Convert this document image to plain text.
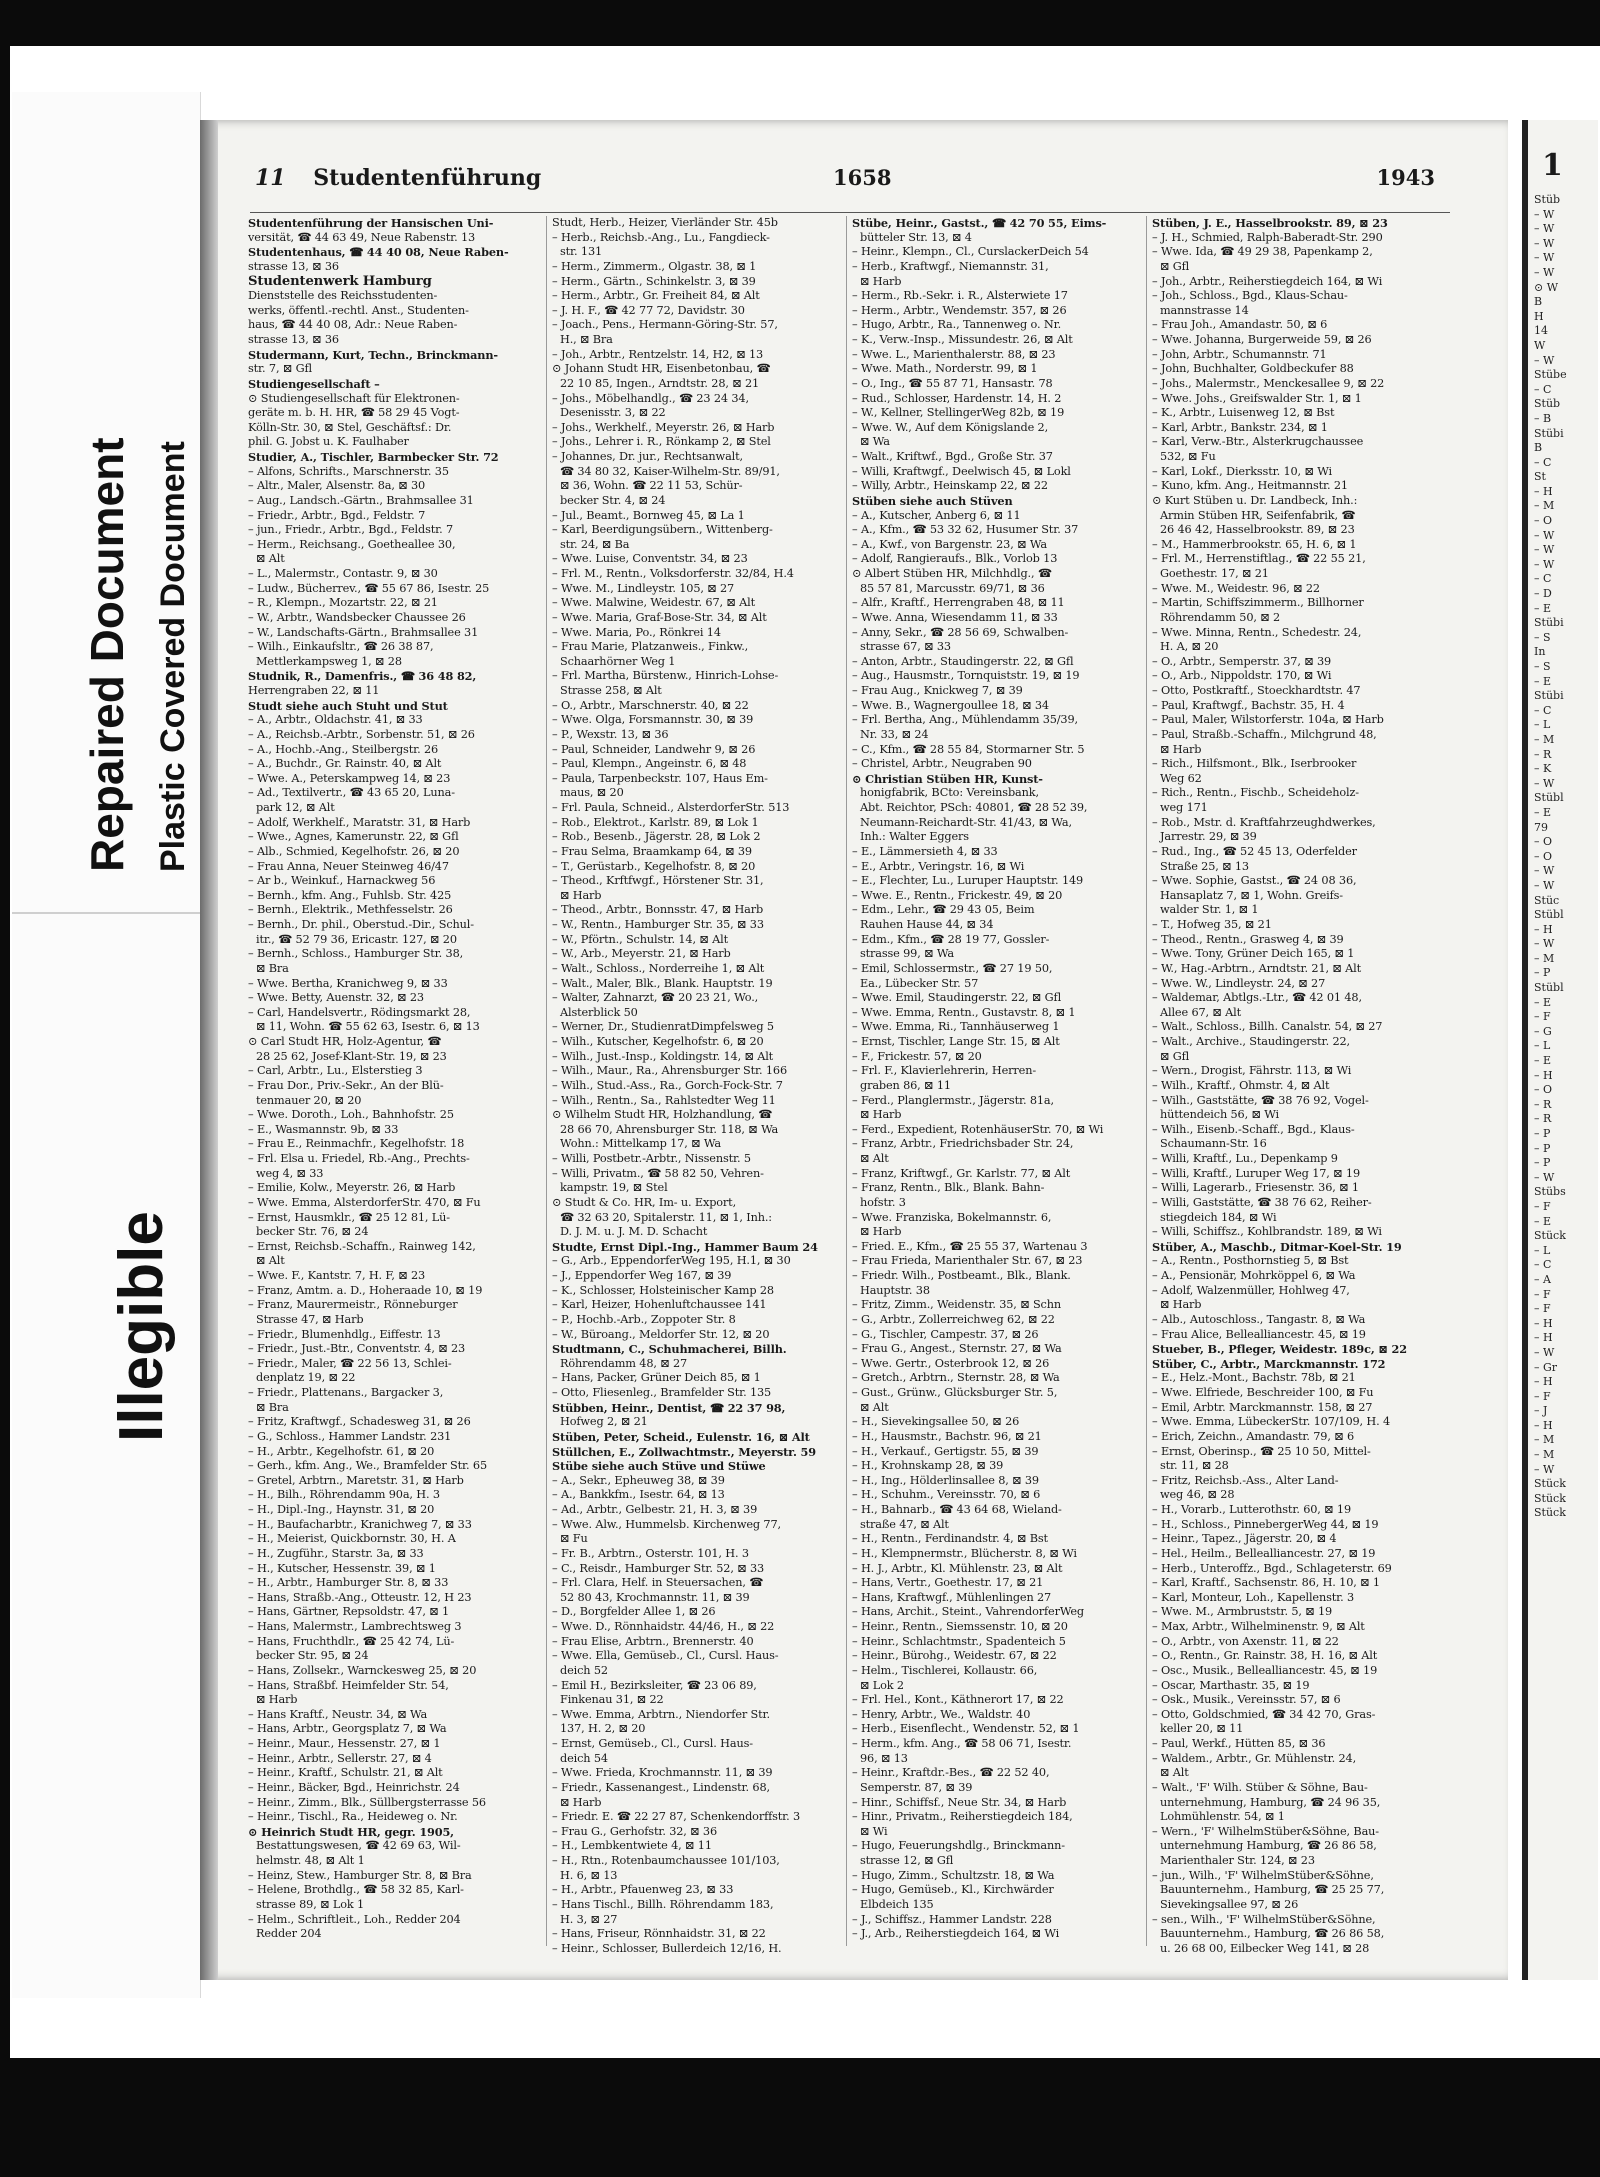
Repaired Document Plastic Covered Document
Illegible
11 Studentenführung	1658	1943
Studentenführung der Hansischen Uni-
versität, ☎ 44 63 49, Neue Rabenstr. 13
Studentenhaus, ☎ 44 40 08, Neue Raben-
strasse 13, ⊠ 36
Studentenwerk Hamburg
Dienststelle des Reichsstudenten-
werks, öffentl.-rechtl. Anst., Studenten-
haus, ☎ 44 40 08, Adr.: Neue Raben-
strasse 13, ⊠ 36
Studermann, Kurt, Techn., Brinckmann-
str. 7, ⊠ Gfl
Studiengesellschaft –
⊙ Studiengesellschaft für Elektronen-
geräte m. b. H. HR, ☎ 58 29 45 Vogt-
Kölln-Str. 30, ⊠ Stel, Geschäftsf.: Dr.
phil. G. Jobst u. K. Faulhaber
Studier, A., Tischler, Barmbecker Str. 72
– Alfons, Schrifts., Marschnerstr. 35
– Altr., Maler, Alsenstr. 8a, ⊠ 30
– Aug., Landsch.-Gärtn., Brahmsallee 31
– Friedr., Arbtr., Bgd., Feldstr. 7
– jun., Friedr., Arbtr., Bgd., Feldstr. 7
– Herm., Reichsang., Goetheallee 30,
⊠ Alt
– L., Malermstr., Contastr. 9, ⊠ 30
– Ludw., Bücherrev., ☎ 55 67 86, Isestr. 25
– R., Klempn., Mozartstr. 22, ⊠ 21
– W., Arbtr., Wandsbecker Chaussee 26
– W., Landschafts-Gärtn., Brahmsallee 31
– Wilh., Einkaufsltr., ☎ 26 38 87,
Mettlerkampsweg 1, ⊠ 28
Studnik, R., Damenfris., ☎ 36 48 82,
Herrengraben 22, ⊠ 11
Studt siehe auch Stuht und Stut
– A., Arbtr., Oldachstr. 41, ⊠ 33
– A., Reichsb.-Arbtr., Sorbenstr. 51, ⊠ 26
– A., Hochb.-Ang., Steilbergstr. 26
– A., Buchdr., Gr. Rainstr. 40, ⊠ Alt
– Wwe. A., Peterskampweg 14, ⊠ 23
– Ad., Textilvertr., ☎ 43 65 20, Luna-
park 12, ⊠ Alt
– Adolf, Werkhelf., Maratstr. 31, ⊠ Harb
– Wwe., Agnes, Kamerunstr. 22, ⊠ Gfl
– Alb., Schmied, Kegelhofstr. 26, ⊠ 20
– Frau Anna, Neuer Steinweg 46/47
– Ar b., Weinkuf., Harnackweg 56
– Bernh., kfm. Ang., Fuhlsb. Str. 425
– Bernh., Elektrik., Methfesselstr. 26
– Bernh., Dr. phil., Oberstud.-Dir., Schul-
itr., ☎ 52 79 36, Ericastr. 127, ⊠ 20
– Bernh., Schloss., Hamburger Str. 38,
⊠ Bra
– Wwe. Bertha, Kranichweg 9, ⊠ 33
– Wwe. Betty, Auenstr. 32, ⊠ 23
– Carl, Handelsvertr., Rödingsmarkt 28,
⊠ 11, Wohn. ☎ 55 62 63, Isestr. 6, ⊠ 13
⊙ Carl Studt HR, Holz-Agentur, ☎
28 25 62, Josef-Klant-Str. 19, ⊠ 23
– Carl, Arbtr., Lu., Elsterstieg 3
– Frau Dor., Priv.-Sekr., An der Blü-
tenmauer 20, ⊠ 20
– Wwe. Doroth., Loh., Bahnhofstr. 25
– E., Wasmannstr. 9b, ⊠ 33
– Frau E., Reinmachfr., Kegelhofstr. 18
– Frl. Elsa u. Friedel, Rb.-Ang., Prechts-
weg 4, ⊠ 33
– Emilie, Kolw., Meyerstr. 26, ⊠ Harb
– Wwe. Emma, AlsterdorferStr. 470, ⊠ Fu
– Ernst, Hausmklr., ☎ 25 12 81, Lü-
becker Str. 76, ⊠ 24
– Ernst, Reichsb.-Schaffn., Rainweg 142,
⊠ Alt
– Wwe. F., Kantstr. 7, H. F, ⊠ 23
– Franz, Amtm. a. D., Hoheraade 10, ⊠ 19
– Franz, Maurermeistr., Rönneburger
Strasse 47, ⊠ Harb
– Friedr., Blumenhdlg., Eiffestr. 13
– Friedr., Just.-Btr., Conventstr. 4, ⊠ 23
– Friedr., Maler, ☎ 22 56 13, Schlei-
denplatz 19, ⊠ 22
– Friedr., Plattenans., Bargacker 3,
⊠ Bra
– Fritz, Kraftwgf., Schadesweg 31, ⊠ 26
– G., Schloss., Hammer Landstr. 231
– H., Arbtr., Kegelhofstr. 61, ⊠ 20
– Gerh., kfm. Ang., We., Bramfelder Str. 65
– Gretel, Arbtrn., Maretstr. 31, ⊠ Harb
– H., Bilh., Röhrendamm 90a, H. 3
– H., Dipl.-Ing., Haynstr. 31, ⊠ 20
– H., Baufacharbtr., Kranichweg 7, ⊠ 33
– H., Meierist, Quickbornstr. 30, H. A
– H., Zugführ., Starstr. 3a, ⊠ 33
– H., Kutscher, Hessenstr. 39, ⊠ 1
– H., Arbtr., Hamburger Str. 8, ⊠ 33
– Hans, Straßb.-Ang., Otteustr. 12, H 23
– Hans, Gärtner, Repsoldstr. 47, ⊠ 1
– Hans, Malermstr., Lambrechtsweg 3
– Hans, Fruchthdlr., ☎ 25 42 74, Lü-
becker Str. 95, ⊠ 24
– Hans, Zollsekr., Warnckesweg 25, ⊠ 20
– Hans, Straßbf. Heimfelder Str. 54,
⊠ Harb
– Hans Kraftf., Neustr. 34, ⊠ Wa
– Hans, Arbtr., Georgsplatz 7, ⊠ Wa
– Heinr., Maur., Hessenstr. 27, ⊠ 1
– Heinr., Arbtr., Sellerstr. 27, ⊠ 4
– Heinr., Kraftf., Schulstr. 21, ⊠ Alt
– Heinr., Bäcker, Bgd., Heinrichstr. 24
– Heinr., Zimm., Blk., Süllbergsterrasse 56
– Heinr., Tischl., Ra., Heideweg o. Nr.
⊙ Heinrich Studt HR, gegr. 1905,
Bestattungswesen, ☎ 42 69 63, Wil-
helmstr. 48, ⊠ Alt 1
– Heinz, Stew., Hamburger Str. 8, ⊠ Bra
– Helene, Brothdlg., ☎ 58 32 85, Karl-
strasse 89, ⊠ Lok 1
– Helm., Schriftleit., Loh., Redder 204
Redder 204
Studt, Herb., Heizer, Vierländer Str. 45b
– Herb., Reichsb.-Ang., Lu., Fangdieck-
str. 131
– Herm., Zimmerm., Olgastr. 38, ⊠ 1
– Herm., Gärtn., Schinkelstr. 3, ⊠ 39
– Herm., Arbtr., Gr. Freiheit 84, ⊠ Alt
– J. H. F., ☎ 42 77 72, Davidstr. 30
– Joach., Pens., Hermann-Göring-Str. 57,
H., ⊠ Bra
– Joh., Arbtr., Rentzelstr. 14, H2, ⊠ 13
⊙ Johann Studt HR, Eisenbetonbau, ☎
22 10 85, Ingen., Arndtstr. 28, ⊠ 21
– Johs., Möbelhandlg., ☎ 23 24 34,
Desenisstr. 3, ⊠ 22
– Johs., Werkhelf., Meyerstr. 26, ⊠ Harb
– Johs., Lehrer i. R., Rönkamp 2, ⊠ Stel
– Johannes, Dr. jur., Rechtsanwalt,
☎ 34 80 32, Kaiser-Wilhelm-Str. 89/91,
⊠ 36, Wohn. ☎ 22 11 53, Schür-
becker Str. 4, ⊠ 24
– Jul., Beamt., Bornweg 45, ⊠ La 1
– Karl, Beerdigungsübern., Wittenberg-
str. 24, ⊠ Ba
– Wwe. Luise, Conventstr. 34, ⊠ 23
– Frl. M., Rentn., Volksdorferstr. 32/84, H.4
– Wwe. M., Lindleystr. 105, ⊠ 27
– Wwe. Malwine, Weidestr. 67, ⊠ Alt
– Wwe. Maria, Graf-Bose-Str. 34, ⊠ Alt
– Wwe. Maria, Po., Rönkrei 14
– Frau Marie, Platzanweis., Finkw.,
Schaarhörner Weg 1
– Frl. Martha, Bürstenw., Hinrich-Lohse-
Strasse 258, ⊠ Alt
– O., Arbtr., Marschnerstr. 40, ⊠ 22
– Wwe. Olga, Forsmannstr. 30, ⊠ 39
– P., Wexstr. 13, ⊠ 36
– Paul, Schneider, Landwehr 9, ⊠ 26
– Paul, Klempn., Angeinstr. 6, ⊠ 48
– Paula, Tarpenbeckstr. 107, Haus Em-
maus, ⊠ 20
– Frl. Paula, Schneid., AlsterdorferStr. 513
– Rob., Elektrot., Karlstr. 89, ⊠ Lok 1
– Rob., Besenb., Jägerstr. 28, ⊠ Lok 2
– Frau Selma, Braamkamp 64, ⊠ 39
– T., Gerüstarb., Kegelhofstr. 8, ⊠ 20
– Theod., Krftfwgf., Hörstener Str. 31,
⊠ Harb
– Theod., Arbtr., Bonnsstr. 47, ⊠ Harb
– W., Rentn., Hamburger Str. 35, ⊠ 33
– W., Pförtn., Schulstr. 14, ⊠ Alt
– W., Arb., Meyerstr. 21, ⊠ Harb
– Walt., Schloss., Norderreihe 1, ⊠ Alt
– Walt., Maler, Blk., Blank. Hauptstr. 19
– Walter, Zahnarzt, ☎ 20 23 21, Wo.,
Alsterblick 50
– Werner, Dr., StudienratDimpfelsweg 5
– Wilh., Kutscher, Kegelhofstr. 6, ⊠ 20
– Wilh., Just.-Insp., Koldingstr. 14, ⊠ Alt
– Wilh., Maur., Ra., Ahrensburger Str. 166
– Wilh., Stud.-Ass., Ra., Gorch-Fock-Str. 7
– Wilh., Rentn., Sa., Rahlstedter Weg 11
⊙ Wilhelm Studt HR, Holzhandlung, ☎
28 66 70, Ahrensburger Str. 118, ⊠ Wa
Wohn.: Mittelkamp 17, ⊠ Wa
– Willi, Postbetr.-Arbtr., Nissenstr. 5
– Willi, Privatm., ☎ 58 82 50, Vehren-
kampstr. 19, ⊠ Stel
⊙ Studt & Co. HR, Im- u. Export,
☎ 32 63 20, Spitalerstr. 11, ⊠ 1, Inh.:
D. J. M. u. J. M. D. Schacht
Studte, Ernst Dipl.-Ing., Hammer Baum 24
– G., Arb., EppendorferWeg 195, H.1, ⊠ 30
– J., Eppendorfer Weg 167, ⊠ 39
– K., Schlosser, Holsteinischer Kamp 28
– Karl, Heizer, Hohenluftchaussee 141
– P., Hochb.-Arb., Zoppoter Str. 8
– W., Büroang., Meldorfer Str. 12, ⊠ 20
Studtmann, C., Schuhmacherei, Billh.
Röhrendamm 48, ⊠ 27
– Hans, Packer, Grüner Deich 85, ⊠ 1
– Otto, Fliesenleg., Bramfelder Str. 135
Stübben, Heinr., Dentist, ☎ 22 37 98,
Hofweg 2, ⊠ 21
Stüben, Peter, Scheid., Eulenstr. 16, ⊠ Alt
Stüllchen, E., Zollwachtmstr., Meyerstr. 59
Stübe siehe auch Stüve und Stüwe
– A., Sekr., Epheuweg 38, ⊠ 39
– A., Bankkfm., Isestr. 64, ⊠ 13
– Ad., Arbtr., Gelbestr. 21, H. 3, ⊠ 39
– Wwe. Alw., Hummelsb. Kirchenweg 77,
⊠ Fu
– Fr. B., Arbtrn., Osterstr. 101, H. 3
– C., Reisdr., Hamburger Str. 52, ⊠ 33
– Frl. Clara, Helf. in Steuersachen, ☎
52 80 43, Krochmannstr. 11, ⊠ 39
– D., Borgfelder Allee 1, ⊠ 26
– Wwe. D., Rönnhaidstr. 44/46, H., ⊠ 22
– Frau Elise, Arbtrn., Brennerstr. 40
– Wwe. Ella, Gemüseb., Cl., Cursl. Haus-
deich 52
– Emil H., Bezirksleiter, ☎ 23 06 89,
Finkenau 31, ⊠ 22
– Wwe. Emma, Arbtrn., Niendorfer Str.
137, H. 2, ⊠ 20
– Ernst, Gemüseb., Cl., Cursl. Haus-
deich 54
– Wwe. Frieda, Krochmannstr. 11, ⊠ 39
– Friedr., Kassenangest., Lindenstr. 68,
⊠ Harb
– Friedr. E. ☎ 22 27 87, Schenkendorffstr. 3
– Frau G., Gerhofstr. 32, ⊠ 36
– H., Lembkentwiete 4, ⊠ 11
– H., Rtn., Rotenbaumchaussee 101/103,
H. 6, ⊠ 13
– H., Arbtr., Pfauenweg 23, ⊠ 33
– Hans Tischl., Billh. Röhrendamm 183,
H. 3, ⊠ 27
– Hans, Friseur, Rönnhaidstr. 31, ⊠ 22
– Heinr., Schlosser, Bullerdeich 12/16, H.
Stübe, Heinr., Gastst., ☎ 42 70 55, Eims-
bütteler Str. 13, ⊠ 4
– Heinr., Klempn., Cl., CurslackerDeich 54
– Herb., Kraftwgf., Niemannstr. 31,
⊠ Harb
– Herm., Rb.-Sekr. i. R., Alsterwiete 17
– Herm., Arbtr., Wendemstr. 357, ⊠ 26
– Hugo, Arbtr., Ra., Tannenweg o. Nr.
– K., Verw.-Insp., Missundestr. 26, ⊠ Alt
– Wwe. L., Marienthalerstr. 88, ⊠ 23
– Wwe. Math., Norderstr. 99, ⊠ 1
– O., Ing., ☎ 55 87 71, Hansastr. 78
– Rud., Schlosser, Hardenstr. 14, H. 2
– W., Kellner, StellingerWeg 82b, ⊠ 19
– Wwe. W., Auf dem Königslande 2,
⊠ Wa
– Walt., Kriftwf., Bgd., Große Str. 37
– Willi, Kraftwgf., Deelwisch 45, ⊠ Lokl
– Willy, Arbtr., Heinskamp 22, ⊠ 22
Stüben siehe auch Stüven
– A., Kutscher, Anberg 6, ⊠ 11
– A., Kfm., ☎ 53 32 62, Husumer Str. 37
– A., Kwf., von Bargenstr. 23, ⊠ Wa
– Adolf, Rangieraufs., Blk., Vorlob 13
⊙ Albert Stüben HR, Milchhdlg., ☎
85 57 81, Marcusstr. 69/71, ⊠ 36
– Alfr., Kraftf., Herrengraben 48, ⊠ 11
– Wwe. Anna, Wiesendamm 11, ⊠ 33
– Anny, Sekr., ☎ 28 56 69, Schwalben-
strasse 67, ⊠ 33
– Anton, Arbtr., Staudingerstr. 22, ⊠ Gfl
– Aug., Hausmstr., Tornquiststr. 19, ⊠ 19
– Frau Aug., Knickweg 7, ⊠ 39
– Wwe. B., Wagnergoullee 18, ⊠ 34
– Frl. Bertha, Ang., Mühlendamm 35/39,
Nr. 33, ⊠ 24
– C., Kfm., ☎ 28 55 84, Stormarner Str. 5
– Christel, Arbtr., Neugraben 90
⊙ Christian Stüben HR, Kunst-
honigfabrik, BCto: Vereinsbank,
Abt. Reichtor, PSch: 40801, ☎ 28 52 39,
Neumann-Reichardt-Str. 41/43, ⊠ Wa,
Inh.: Walter Eggers
– E., Lämmersieth 4, ⊠ 33
– E., Arbtr., Veringstr. 16, ⊠ Wi
– E., Flechter, Lu., Luruper Hauptstr. 149
– Wwe. E., Rentn., Frickestr. 49, ⊠ 20
– Edm., Lehr., ☎ 29 43 05, Beim
Rauhen Hause 44, ⊠ 34
– Edm., Kfm., ☎ 28 19 77, Gossler-
strasse 99, ⊠ Wa
– Emil, Schlossermstr., ☎ 27 19 50,
Ea., Lübecker Str. 57
– Wwe. Emil, Staudingerstr. 22, ⊠ Gfl
– Wwe. Emma, Rentn., Gustavstr. 8, ⊠ 1
– Wwe. Emma, Ri., Tannhäuserweg 1
– Ernst, Tischler, Lange Str. 15, ⊠ Alt
– F., Frickestr. 57, ⊠ 20
– Frl. F., Klavierlehrerin, Herren-
graben 86, ⊠ 11
– Ferd., Planglermstr., Jägerstr. 81a,
⊠ Harb
– Ferd., Expedient, RotenhäuserStr. 70, ⊠ Wi
– Franz, Arbtr., Friedrichsbader Str. 24,
⊠ Alt
– Franz, Kriftwgf., Gr. Karlstr. 77, ⊠ Alt
– Franz, Rentn., Blk., Blank. Bahn-
hofstr. 3
– Wwe. Franziska, Bokelmannstr. 6,
⊠ Harb
– Fried. E., Kfm., ☎ 25 55 37, Wartenau 3
– Frau Frieda, Marienthaler Str. 67, ⊠ 23
– Friedr. Wilh., Postbeamt., Blk., Blank.
Hauptstr. 38
– Fritz, Zimm., Weidenstr. 35, ⊠ Schn
– G., Arbtr., Zollerreichweg 62, ⊠ 22
– G., Tischler, Campestr. 37, ⊠ 26
– Frau G., Angest., Sternstr. 27, ⊠ Wa
– Wwe. Gertr., Osterbrook 12, ⊠ 26
– Gretch., Arbtrn., Sternstr. 28, ⊠ Wa
– Gust., Grünw., Glücksburger Str. 5,
⊠ Alt
– H., Sievekingsallee 50, ⊠ 26
– H., Hausmstr., Bachstr. 96, ⊠ 21
– H., Verkauf., Gertigstr. 55, ⊠ 39
– H., Krohnskamp 28, ⊠ 39
– H., Ing., Hölderlinsallee 8, ⊠ 39
– H., Schuhm., Vereinsstr. 70, ⊠ 6
– H., Bahnarb., ☎ 43 64 68, Wieland-
straße 47, ⊠ Alt
– H., Rentn., Ferdinandstr. 4, ⊠ Bst
– H., Klempnermstr., Blücherstr. 8, ⊠ Wi
– H. J., Arbtr., Kl. Mühlenstr. 23, ⊠ Alt
– Hans, Vertr., Goethestr. 17, ⊠ 21
– Hans, Kraftwgf., Mühlenlingen 27
– Hans, Archit., Steint., VahrendorferWeg
– Heinr., Rentn., Siemssenstr. 10, ⊠ 20
– Heinr., Schlachtmstr., Spadenteich 5
– Heinr., Bürohg., Weidestr. 67, ⊠ 22
– Helm., Tischlerei, Kollaustr. 66,
⊠ Lok 2
– Frl. Hel., Kont., Käthnerort 17, ⊠ 22
– Henry, Arbtr., We., Waldstr. 40
– Herb., Eisenflecht., Wendenstr. 52, ⊠ 1
– Herm., kfm. Ang., ☎ 58 06 71, Isestr.
96, ⊠ 13
– Heinr., Kraftdr.-Bes., ☎ 22 52 40,
Semperstr. 87, ⊠ 39
– Hinr., Schiffsf., Neue Str. 34, ⊠ Harb
– Hinr., Privatm., Reiherstiegdeich 184,
⊠ Wi
– Hugo, Feuerungshdlg., Brinckmann-
strasse 12, ⊠ Gfl
– Hugo, Zimm., Schultzstr. 18, ⊠ Wa
– Hugo, Gemüseb., Kl., Kirchwärder
Elbdeich 135
– J., Schiffsz., Hammer Landstr. 228
– J., Arb., Reiherstiegdeich 164, ⊠ Wi
Stüben, J. E., Hasselbrookstr. 89, ⊠ 23
– J. H., Schmied, Ralph-Baberadt-Str. 290
– Wwe. Ida, ☎ 49 29 38, Papenkamp 2,
⊠ Gfl
– Joh., Arbtr., Reiherstiegdeich 164, ⊠ Wi
– Joh., Schloss., Bgd., Klaus-Schau-
mannstrasse 14
– Frau Joh., Amandastr. 50, ⊠ 6
– Wwe. Johanna, Burgerweide 59, ⊠ 26
– John, Arbtr., Schumannstr. 71
– John, Buchhalter, Goldbeckufer 88
– Johs., Malermstr., Menckesallee 9, ⊠ 22
– Wwe. Johs., Greifswalder Str. 1, ⊠ 1
– K., Arbtr., Luisenweg 12, ⊠ Bst
– Karl, Arbtr., Bankstr. 234, ⊠ 1
– Karl, Verw.-Btr., Alsterkrugchaussee
532, ⊠ Fu
– Karl, Lokf., Dierksstr. 10, ⊠ Wi
– Kuno, kfm. Ang., Heitmannstr. 21
⊙ Kurt Stüben u. Dr. Landbeck, Inh.:
Armin Stüben HR, Seifenfabrik, ☎
26 46 42, Hasselbrookstr. 89, ⊠ 23
– M., Hammerbrookstr. 65, H. 6, ⊠ 1
– Frl. M., Herrenstiftlag., ☎ 22 55 21,
Goethestr. 17, ⊠ 21
– Wwe. M., Weidestr. 96, ⊠ 22
– Martin, Schiffszimmerm., Billhorner
Röhrendamm 50, ⊠ 2
– Wwe. Minna, Rentn., Schedestr. 24,
H. A, ⊠ 20
– O., Arbtr., Semperstr. 37, ⊠ 39
– O., Arb., Nippoldstr. 170, ⊠ Wi
– Otto, Postkraftf., Stoeckhardtstr. 47
– Paul, Kraftwgf., Bachstr. 35, H. 4
– Paul, Maler, Wilstorferstr. 104a, ⊠ Harb
– Paul, Straßb.-Schaffn., Milchgrund 48,
⊠ Harb
– Rich., Hilfsmont., Blk., Iserbrooker
Weg 62
– Rich., Rentn., Fischb., Scheideholz-
weg 171
– Rob., Mstr. d. Kraftfahrzeughdwerkes,
Jarrestr. 29, ⊠ 39
– Rud., Ing., ☎ 52 45 13, Oderfelder
Straße 25, ⊠ 13
– Wwe. Sophie, Gastst., ☎ 24 08 36,
Hansaplatz 7, ⊠ 1, Wohn. Greifs-
walder Str. 1, ⊠ 1
– T., Hofweg 35, ⊠ 21
– Theod., Rentn., Grasweg 4, ⊠ 39
– Wwe. Tony, Grüner Deich 165, ⊠ 1
– W., Hag.-Arbtrn., Arndtstr. 21, ⊠ Alt
– Wwe. W., Lindleystr. 24, ⊠ 27
– Waldemar, Abtlgs.-Ltr., ☎ 42 01 48,
Allee 67, ⊠ Alt
– Walt., Schloss., Billh. Canalstr. 54, ⊠ 27
– Walt., Archive., Staudingerstr. 22,
⊠ Gfl
– Wern., Drogist, Fährstr. 113, ⊠ Wi
– Wilh., Kraftf., Ohmstr. 4, ⊠ Alt
– Wilh., Gaststätte, ☎ 38 76 92, Vogel-
hüttendeich 56, ⊠ Wi
– Wilh., Eisenb.-Schaff., Bgd., Klaus-
Schaumann-Str. 16
– Willi, Kraftf., Lu., Depenkamp 9
– Willi, Kraftf., Luruper Weg 17, ⊠ 19
– Willi, Lagerarb., Friesenstr. 36, ⊠ 1
– Willi, Gaststätte, ☎ 38 76 62, Reiher-
stiegdeich 184, ⊠ Wi
– Willi, Schiffsz., Kohlbrandstr. 189, ⊠ Wi
Stüber, A., Maschb., Ditmar-Koel-Str. 19
– A., Rentn., Posthornstieg 5, ⊠ Bst
– A., Pensionär, Mohrköppel 6, ⊠ Wa
– Adolf, Walzenmüller, Hohlweg 47,
⊠ Harb
– Alb., Autoschloss., Tangastr. 8, ⊠ Wa
– Frau Alice, Bellealliancestr. 45, ⊠ 19
Stueber, B., Pfleger, Weidestr. 189c, ⊠ 22
Stüber, C., Arbtr., Marckmannstr. 172
– E., Helz.-Mont., Bachstr. 78b, ⊠ 21
– Wwe. Elfriede, Beschreider 100, ⊠ Fu
– Emil, Arbtr. Marckmannstr. 158, ⊠ 27
– Wwe. Emma, LübeckerStr. 107/109, H. 4
– Erich, Zeichn., Amandastr. 79, ⊠ 6
– Ernst, Oberinsp., ☎ 25 10 50, Mittel-
str. 11, ⊠ 28
– Fritz, Reichsb.-Ass., Alter Land-
weg 46, ⊠ 28
– H., Vorarb., Lutterothstr. 60, ⊠ 19
– H., Schloss., PinnebergerWeg 44, ⊠ 19
– Heinr., Tapez., Jägerstr. 20, ⊠ 4
– Hel., Heilm., Bellealliancestr. 27, ⊠ 19
– Herb., Unteroffz., Bgd., Schlageterstr. 69
– Karl, Kraftf., Sachsenstr. 86, H. 10, ⊠ 1
– Karl, Monteur, Loh., Kapellenstr. 3
– Wwe. M., Armbruststr. 5, ⊠ 19
– Max, Arbtr., Wilhelminenstr. 9, ⊠ Alt
– O., Arbtr., von Axenstr. 11, ⊠ 22
– O., Rentn., Gr. Rainstr. 38, H. 16, ⊠ Alt
– Osc., Musik., Bellealliancestr. 45, ⊠ 19
– Oscar, Marthastr. 35, ⊠ 19
– Osk., Musik., Vereinsstr. 57, ⊠ 6
– Otto, Goldschmied, ☎ 34 42 70, Gras-
keller 20, ⊠ 11
– Paul, Werkf., Hütten 85, ⊠ 36
– Waldem., Arbtr., Gr. Mühlenstr. 24,
⊠ Alt
– Walt., 'F' Wilh. Stüber & Söhne, Bau-
unternehmung, Hamburg, ☎ 24 96 35,
Lohmühlenstr. 54, ⊠ 1
– Wern., 'F' WilhelmStüber&Söhne, Bau-
unternehmung Hamburg, ☎ 26 86 58,
Marienthaler Str. 124, ⊠ 23
– jun., Wilh., 'F' WilhelmStüber&Söhne,
Bauunternehm., Hamburg, ☎ 25 25 77,
Sievekingsallee 97, ⊠ 26
– sen., Wilh., 'F' WilhelmStüber&Söhne,
Bauunternehm., Hamburg, ☎ 26 86 58,
u. 26 68 00, Eilbecker Weg 141, ⊠ 28
1
Stüb
– W
– W
– W
– W
– W
⊙ W
B
H
14
W
– W
Stübe
– C
Stüb
– B
Stübi
B
– C
St
– H
– M
– O
– W
– W
– W
– C
– D
– E
Stübi
– S
In
– S
– E
Stübi
– C
– L
– M
– R
– K
– W
Stübl
– E
79
– O
– O
– W
– W
Stüc
Stübl
– H
– W
– M
– P
Stübl
– E
– F
– G
– L
– E
– H
– O
– R
– R
– P
– P
– P
– W
Stübs
– F
– E
Stück
– L
– C
– A
– F
– F
– H
– H
– W
– Gr
– H
– F
– J
– H
– M
– M
– W
Stück
Stück
Stück
